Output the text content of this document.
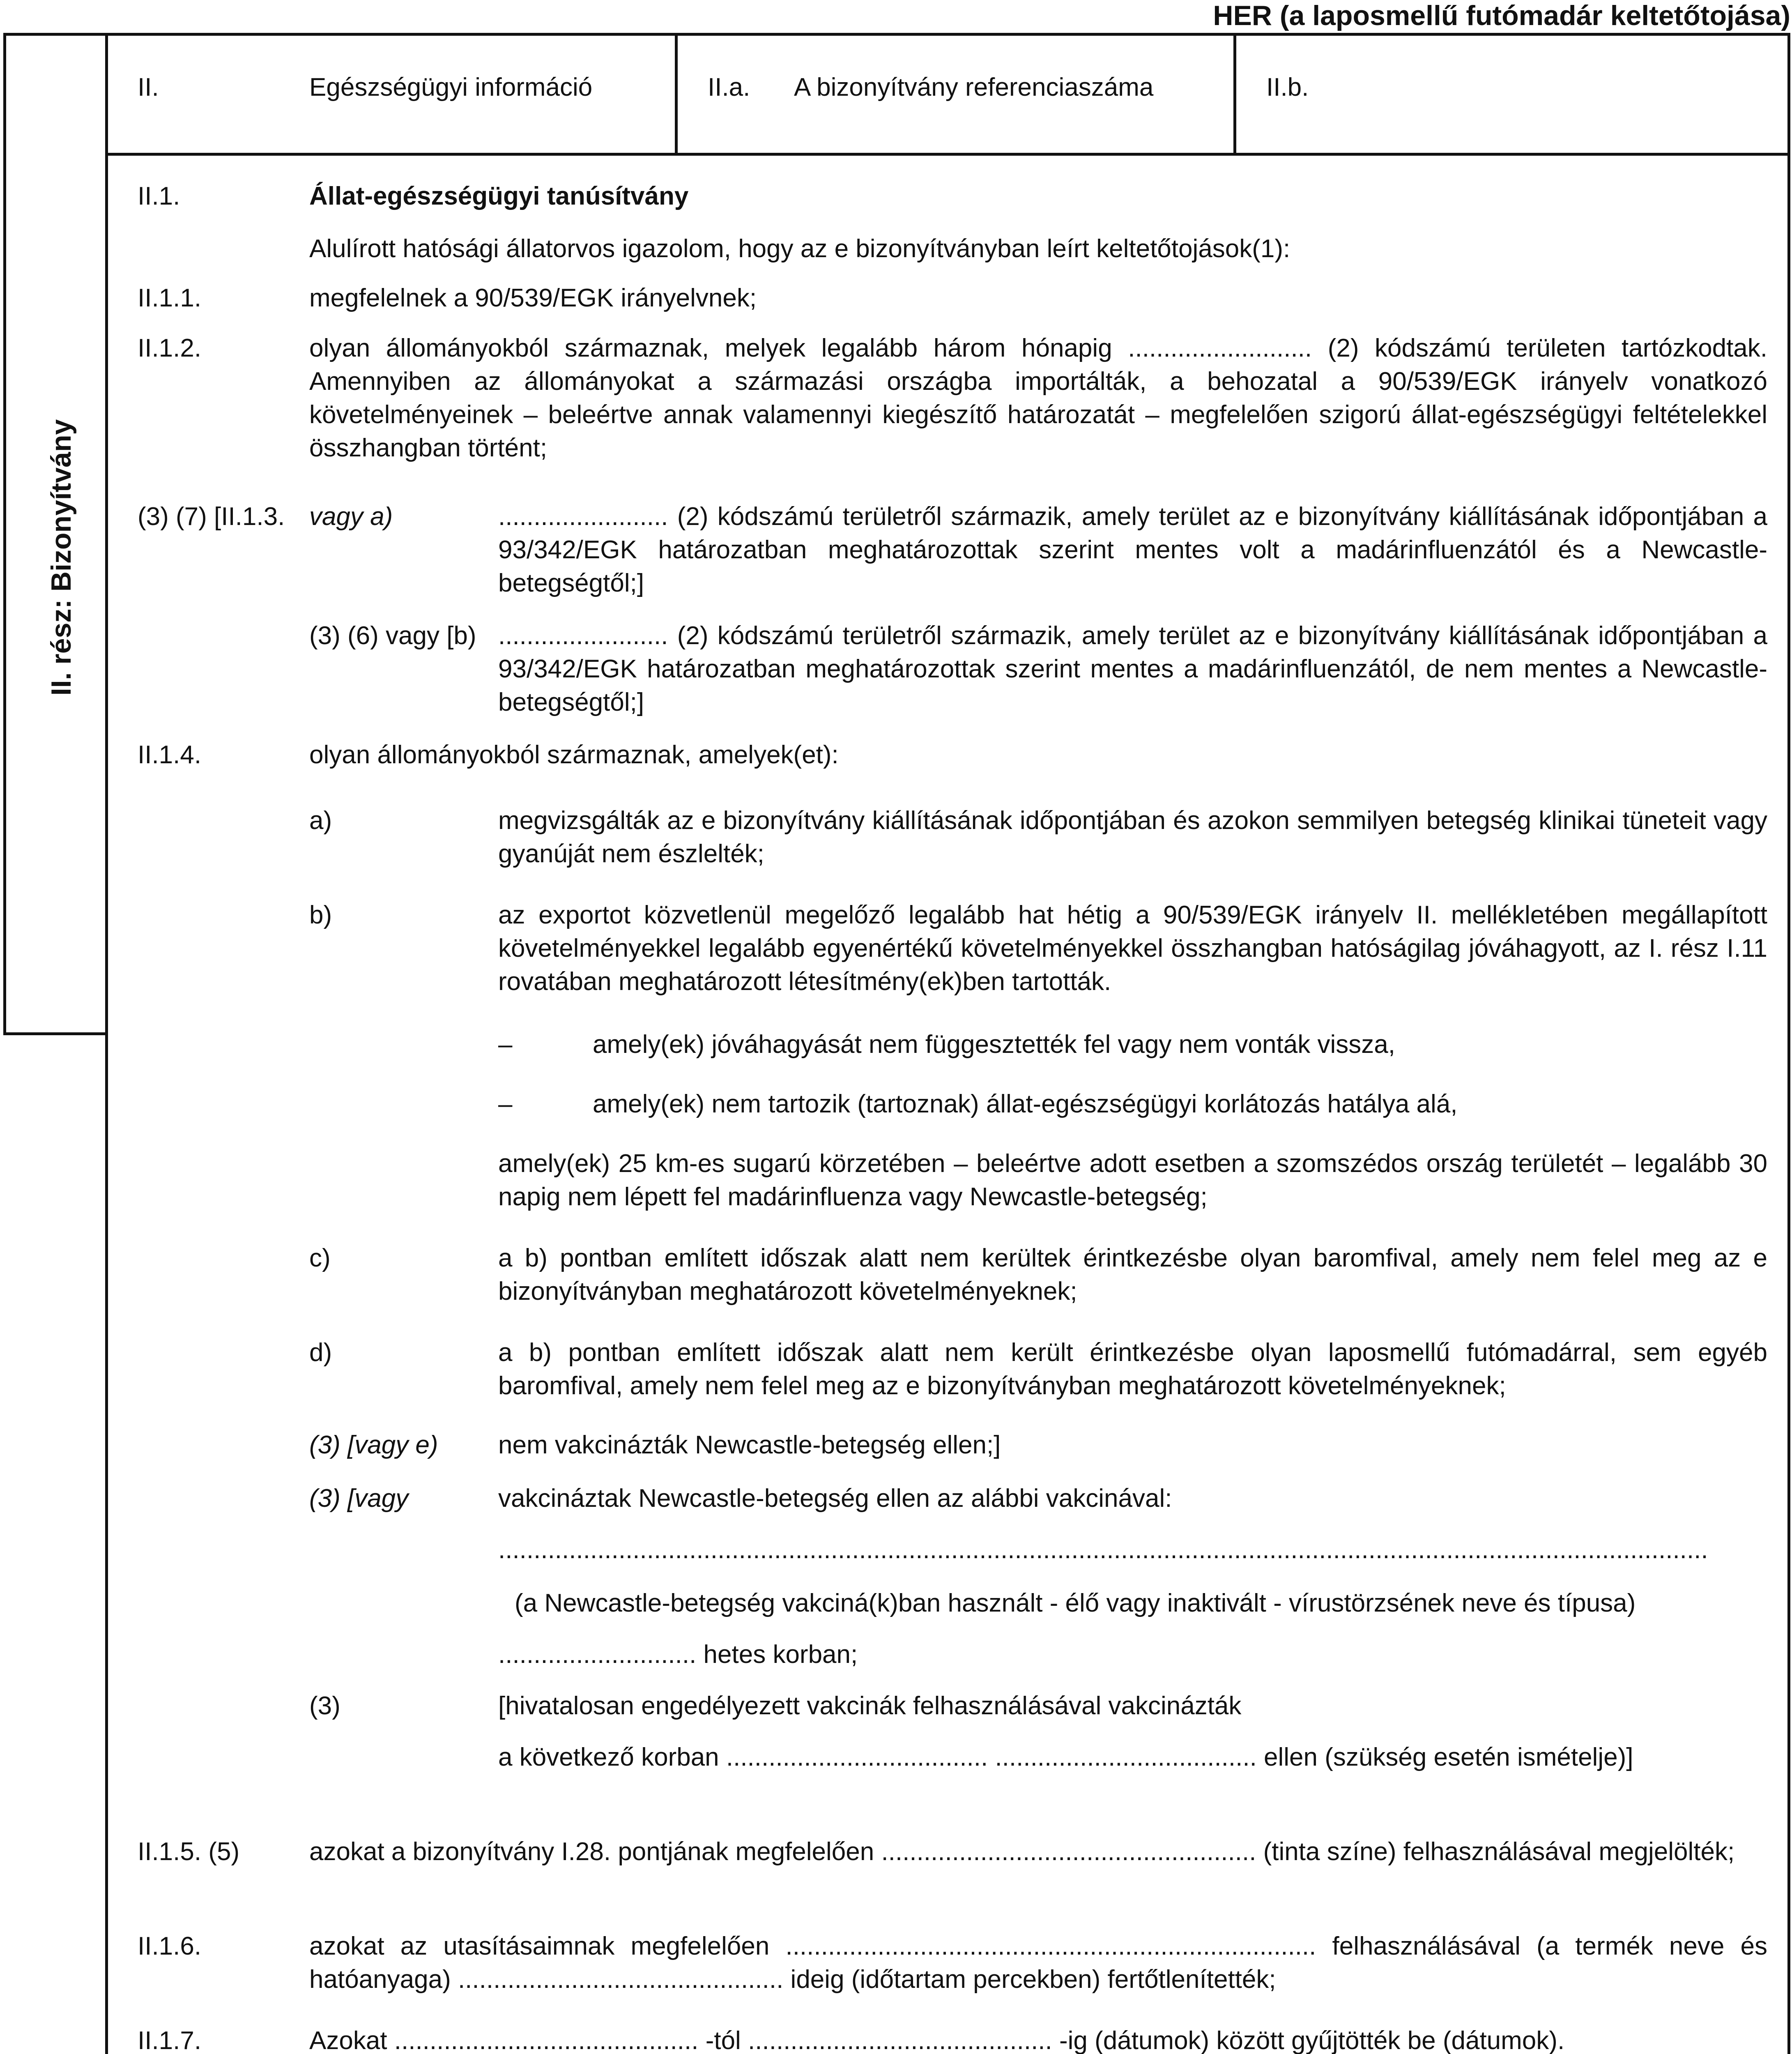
HER (a laposmellű futómadár keltetőtojása)
II. rész: Bizonyítvány
II.	Egészségügyi információ	II.a. A bizonyítvány referenciaszáma	II.b.
II.1.	Állat-egészségügyi tanúsítvány
Alulírott hatósági állatorvos igazolom, hogy az e bizonyítványban leírt keltetőtojások(1):
II.1.1.	megfelelnek a 90/539/EGK irányelvnek;
II.1.2.	olyan állományokból származnak, melyek legalább három hónapig .......................... (2) kódszámú területen tartózkodtak. Amennyiben az állományokat a származási országba importálták, a behozatal a 90/539/EGK irányelv vonatkozó követelményeinek – beleértve annak valamennyi kiegészítő határozatát – megfelelően szigorú állat-egészségügyi feltételekkel összhangban történt;
(3) (7) [II.1.3. vagy a)	........................ (2) kódszámú területről származik, amely terület az e bizonyítvány kiállításának időpontjában a 93/342/EGK határozatban meghatározottak szerint mentes volt a madárinfluenzától és a Newcastle-betegségtől;]
(3) (6) vagy [b) ........................ (2) kódszámú területről származik, amely terület az e bizonyítvány kiállításának időpontjában a 93/342/EGK határozatban meghatározottak szerint mentes a madárinfluenzától, de nem mentes a Newcastle-betegségtől;]
II.1.4.	olyan állományokból származnak, amelyek(et):
a)	megvizsgálták az e bizonyítvány kiállításának időpontjában és azokon semmilyen betegség klinikai tüneteit vagy gyanúját nem észlelték;
b)	az exportot közvetlenül megelőző legalább hat hétig a 90/539/EGK irányelv II. mellékletében megállapított követelményekkel legalább egyenértékű követelményekkel összhangban hatóságilag jóváhagyott, az I. rész I.11 rovatában meghatározott létesítmény(ek)ben tartották.
–	amely(ek) jóváhagyását nem függesztették fel vagy nem vonták vissza,
–	amely(ek) nem tartozik (tartoznak) állat-egészségügyi korlátozás hatálya alá,
amely(ek) 25 km-es sugarú körzetében – beleértve adott esetben a szomszédos ország területét – legalább 30 napig nem lépett fel madárinfluenza vagy Newcastle-betegség;
c)	a b) pontban említett időszak alatt nem kerültek érintkezésbe olyan baromfival, amely nem felel meg az e bizonyítványban meghatározott követelményeknek;
d)	a b) pontban említett időszak alatt nem került érintkezésbe olyan laposmellű futómadárral, sem egyéb baromfival, amely nem felel meg az e bizonyítványban meghatározott követelményeknek;
(3) [vagy e) nem vakcinázták Newcastle-betegség ellen;]
(3) [vagy	vakcináztak Newcastle-betegség ellen az alábbi vakcinával:
...........................................................................................................................................................................
(a Newcastle-betegség vakciná(k)ban használt - élő vagy inaktivált - vírustörzsének neve és típusa)
............................ hetes korban;
(3)	[hivatalosan engedélyezett vakcinák felhasználásával vakcinázták
a következő korban ..................................... ..................................... ellen (szükség esetén ismételje)]
II.1.5. (5)	azokat a bizonyítvány I.28. pontjának megfelelően ..................................................... (tinta színe) felhasználásával megjelölték;
II.1.6.	azokat az utasításaimnak megfelelően ........................................................................... felhasználásával (a termék neve és hatóanyaga) .............................................. ideig (időtartam percekben) fertőtlenítették;
II.1.7.	Azokat ........................................... -tól ........................................... -ig (dátumok) között gyűjtötték be (dátumok).
